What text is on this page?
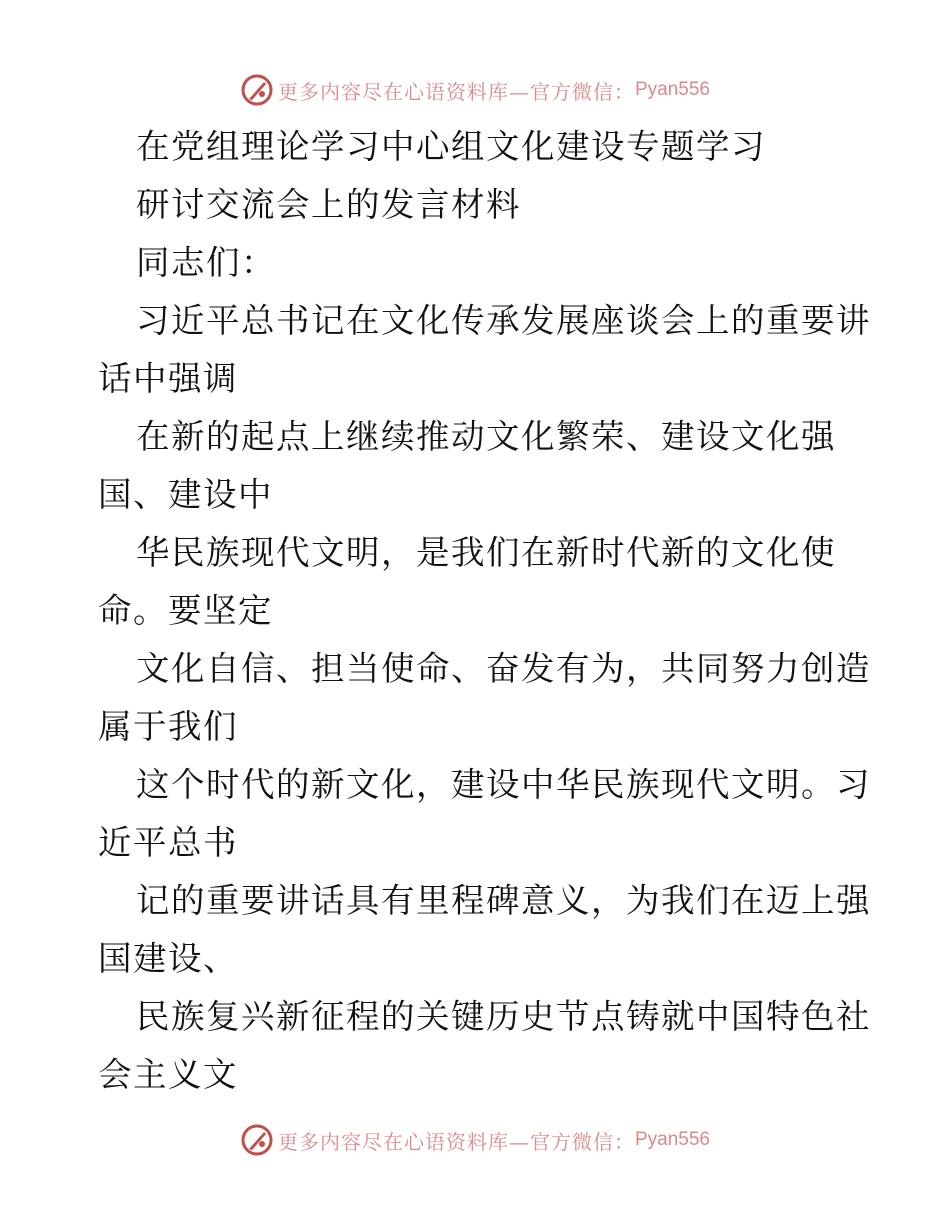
更多内容尽在心语资料库—官方微信： Pyan556
在党组理论学习中心组文化建设专题学习
研讨交流会上的发言材料
同志们：
习近平总书记在文化传承发展座谈会上的重要讲
话中强调
在新的起点上继续推动文化繁荣、建设文化强
国、建设中
华民族现代文明，是我们在新时代新的文化使
命。要坚定
文化自信、担当使命、奋发有为，共同努力创造
属于我们
这个时代的新文化，建设中华民族现代文明。习
近平总书
记的重要讲话具有里程碑意义，为我们在迈上强
国建设、
民族复兴新征程的关键历史节点铸就中国特色社
会主义文
更多内容尽在心语资料库—官方微信： Pyan556
